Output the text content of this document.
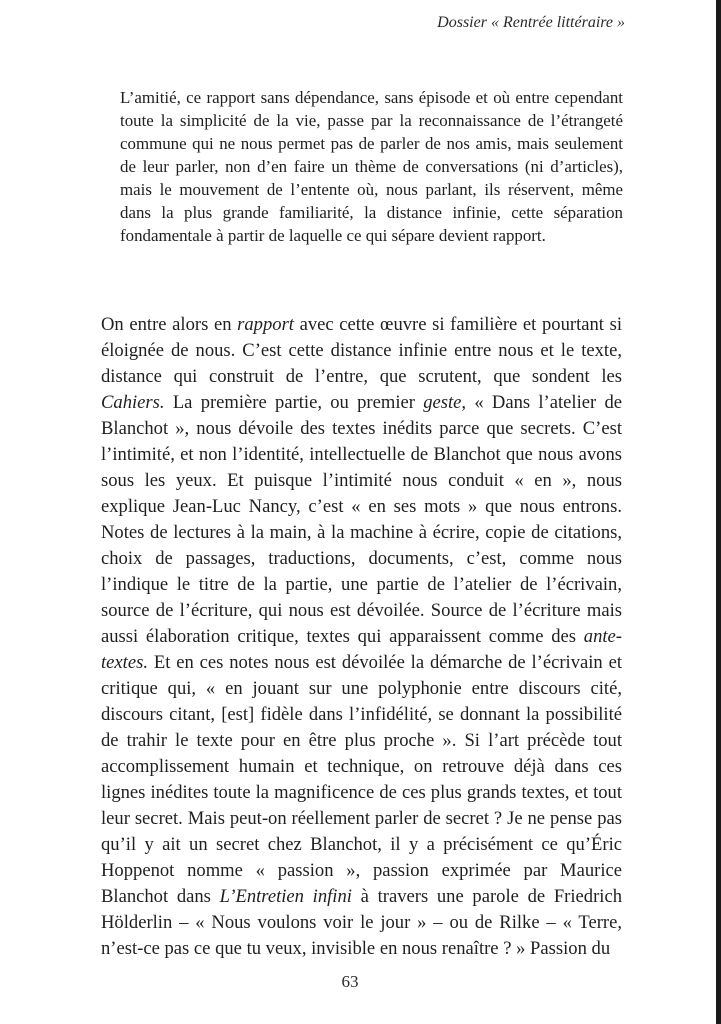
Dossier « Rentrée littéraire »

L’amitié, ce rapport sans dépendance, sans épisode et où entre cependant toute la simplicité de la vie, passe par la reconnaissance de l’étrangeté commune qui ne nous permet pas de parler de nos amis, mais seulement de leur parler, non d’en faire un thème de conversations (ni d’articles), mais le mouvement de l’entente où, nous parlant, ils réservent, même dans la plus grande familiarité, la distance infinie, cette séparation fondamentale à partir de laquelle ce qui sépare devient rapport.

On entre alors en rapport avec cette œuvre si familière et pourtant si éloignée de nous. C’est cette distance infinie entre nous et le texte, distance qui construit de l’entre, que scrutent, que sondent les Cahiers. La première partie, ou premier geste, « Dans l’atelier de Blanchot », nous dévoile des textes inédits parce que secrets. C’est l’intimité, et non l’identité, intellectuelle de Blanchot que nous avons sous les yeux. Et puisque l’intimité nous conduit « en », nous explique Jean-Luc Nancy, c’est « en ses mots » que nous entrons. Notes de lectures à la main, à la machine à écrire, copie de citations, choix de passages, traductions, documents, c’est, comme nous l’indique le titre de la partie, une partie de l’atelier de l’écrivain, source de l’écriture, qui nous est dévoilée. Source de l’écriture mais aussi élaboration critique, textes qui apparaissent comme des ante-textes. Et en ces notes nous est dévoilée la démarche de l’écrivain et critique qui, « en jouant sur une polyphonie entre discours cité, discours citant, [est] fidèle dans l’infidélité, se donnant la possibilité de trahir le texte pour en être plus proche ». Si l’art précède tout accomplissement humain et technique, on retrouve déjà dans ces lignes inédites toute la magnificence de ces plus grands textes, et tout leur secret. Mais peut-on réellement parler de secret ? Je ne pense pas qu’il y ait un secret chez Blanchot, il y a précisément ce qu’Éric Hoppenot nomme « passion », passion exprimée par Maurice Blanchot dans L’Entretien infini à travers une parole de Friedrich Hölderlin – « Nous voulons voir le jour » – ou de Rilke – « Terre, n’est-ce pas ce que tu veux, invisible en nous renaître ? » Passion du

63
